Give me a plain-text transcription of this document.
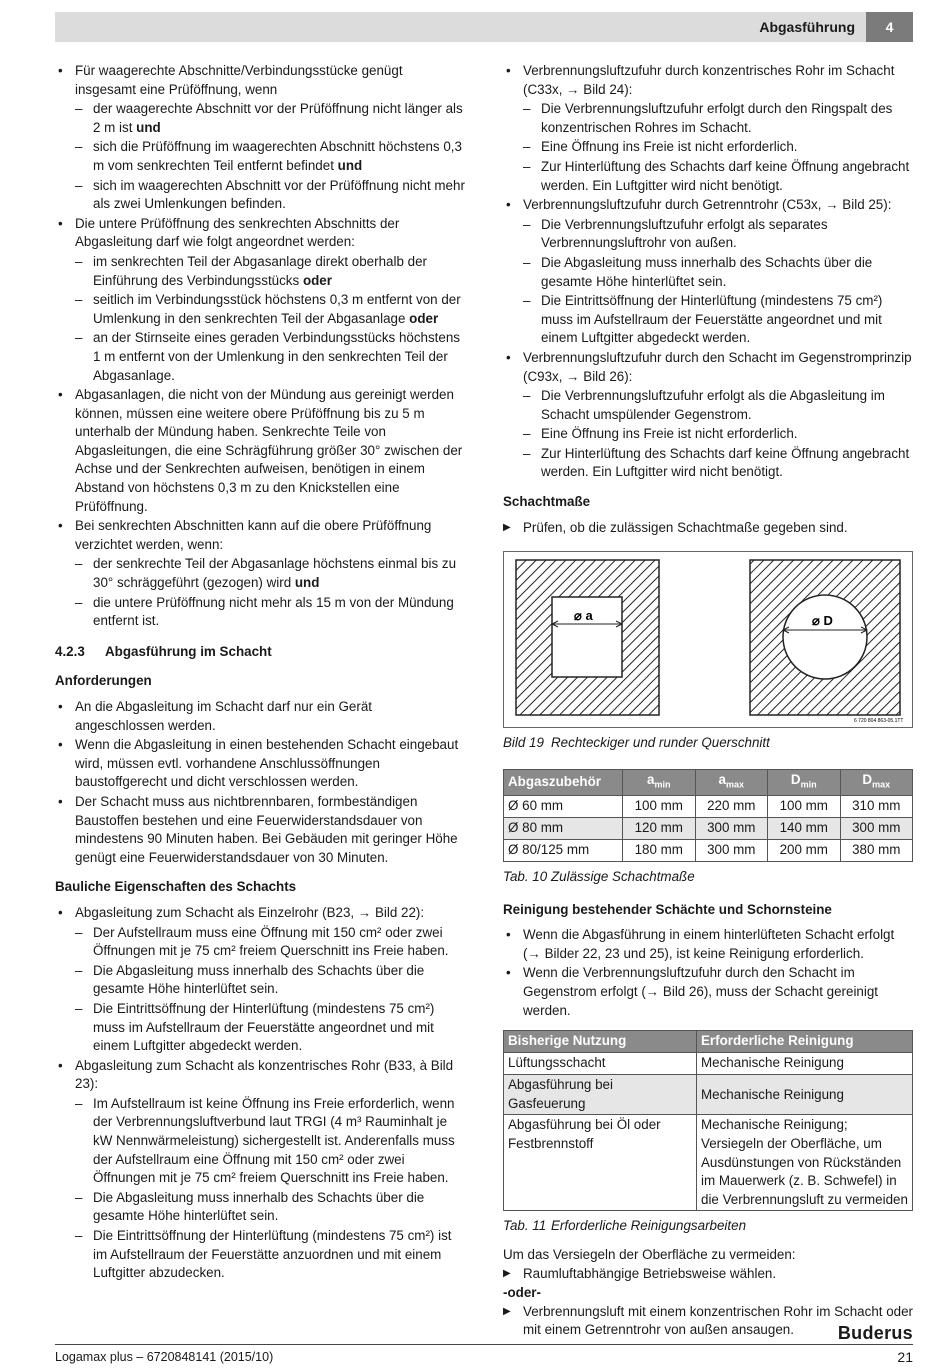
Abgasführung	4
• Für waagerechte Abschnitte/Verbindungsstücke genügt insgesamt eine Prüföffnung, wenn
– der waagerechte Abschnitt vor der Prüföffnung nicht länger als 2 m ist und
– sich die Prüföffnung im waagerechten Abschnitt höchstens 0,3 m vom senkrechten Teil entfernt befindet und
– sich im waagerechten Abschnitt vor der Prüföffnung nicht mehr als zwei Umlenkungen befinden.
• Die untere Prüföffnung des senkrechten Abschnitts der Abgasleitung darf wie folgt angeordnet werden:
– im senkrechten Teil der Abgasanlage direkt oberhalb der Einführung des Verbindungsstücks oder
– seitlich im Verbindungsstück höchstens 0,3 m entfernt von der Umlenkung in den senkrechten Teil der Abgasanlage oder
– an der Stirnseite eines geraden Verbindungsstücks höchstens 1 m entfernt von der Umlenkung in den senkrechten Teil der Abgasanlage.
• Abgasanlagen, die nicht von der Mündung aus gereinigt werden können, müssen eine weitere obere Prüföffnung bis zu 5 m unterhalb der Mündung haben. Senkrechte Teile von Abgasleitungen, die eine Schrägführung größer 30° zwischen der Achse und der Senkrechten aufweisen, benötigen in einem Abstand von höchstens 0,3 m zu den Knickstellen eine Prüföffnung.
• Bei senkrechten Abschnitten kann auf die obere Prüföffnung verzichtet werden, wenn:
– der senkrechte Teil der Abgasanlage höchstens einmal bis zu 30° schräggeführt (gezogen) wird und
– die untere Prüföffnung nicht mehr als 15 m von der Mündung entfernt ist.
4.2.3 Abgasführung im Schacht
Anforderungen
• An die Abgasleitung im Schacht darf nur ein Gerät angeschlossen werden.
• Wenn die Abgasleitung in einen bestehenden Schacht eingebaut wird, müssen evtl. vorhandene Anschlussöffnungen baustoffgerecht und dicht verschlossen werden.
• Der Schacht muss aus nichtbrennbaren, formbeständigen Baustoffen bestehen und eine Feuerwiderstandsdauer von mindestens 90 Minuten haben. Bei Gebäuden mit geringer Höhe genügt eine Feuerwiderstandsdauer von 30 Minuten.
Bauliche Eigenschaften des Schachts
• Abgasleitung zum Schacht als Einzelrohr (B23, → Bild 22):
– Der Aufstellraum muss eine Öffnung mit 150 cm² oder zwei Öffnungen mit je 75 cm² freiem Querschnitt ins Freie haben.
– Die Abgasleitung muss innerhalb des Schachts über die gesamte Höhe hinterlüftet sein.
– Die Eintrittsöffnung der Hinterlüftung (mindestens 75 cm²) muss im Aufstellraum der Feuerstätte angeordnet und mit einem Luftgitter abgedeckt werden.
• Abgasleitung zum Schacht als konzentrisches Rohr (B33, à Bild 23):
– Im Aufstellraum ist keine Öffnung ins Freie erforderlich, wenn der Verbrennungsluftverbund laut TRGI (4 m³ Rauminhalt je kW Nennwärmeleistung) sichergestellt ist. Anderenfalls muss der Aufstellraum eine Öffnung mit 150 cm² oder zwei Öffnungen mit je 75 cm² freiem Querschnitt ins Freie haben.
– Die Abgasleitung muss innerhalb des Schachts über die gesamte Höhe hinterlüftet sein.
– Die Eintrittsöffnung der Hinterlüftung (mindestens 75 cm²) ist im Aufstellraum der Feuerstätte anzuordnen und mit einem Luftgitter abzudecken.
• Verbrennungsluftzufuhr durch konzentrisches Rohr im Schacht (C33x, → Bild 24):
– Die Verbrennungsluftzufuhr erfolgt durch den Ringspalt des konzentrischen Rohres im Schacht.
– Eine Öffnung ins Freie ist nicht erforderlich.
– Zur Hinterlüftung des Schachts darf keine Öffnung angebracht werden. Ein Luftgitter wird nicht benötigt.
• Verbrennungsluftzufuhr durch Getrenntrohr (C53x, → Bild 25):
– Die Verbrennungsluftzufuhr erfolgt als separates Verbrennungsluftrohr von außen.
– Die Abgasleitung muss innerhalb des Schachts über die gesamte Höhe hinterlüftet sein.
– Die Eintrittsöffnung der Hinterlüftung (mindestens 75 cm²) muss im Aufstellraum der Feuerstätte angeordnet und mit einem Luftgitter abgedeckt werden.
• Verbrennungsluftzufuhr durch den Schacht im Gegenstromprinzip (C93x, → Bild 26):
– Die Verbrennungsluftzufuhr erfolgt als die Abgasleitung im Schacht umspülender Gegenstrom.
– Eine Öffnung ins Freie ist nicht erforderlich.
– Zur Hinterlüftung des Schachts darf keine Öffnung angebracht werden. Ein Luftgitter wird nicht benötigt.
Schachtmaße
▶ Prüfen, ob die zulässigen Schachtmaße gegeben sind.
⌀ a	⌀ D
6 720 804 863-05.1TT
Bild 19 Rechteckiger und runder Querschnitt
Abgaszubehör	$a_{min}$	$a_{max}$	$D_{min}$	$D_{max}$
Ø 60 mm	100 mm	220 mm	100 mm	310 mm
Ø 80 mm	120 mm	300 mm	140 mm	300 mm
Ø 80/125 mm	180 mm	300 mm	200 mm	380 mm
Tab. 10 Zulässige Schachtmaße
Reinigung bestehender Schächte und Schornsteine
• Wenn die Abgasführung in einem hinterlüfteten Schacht erfolgt (→ Bilder 22, 23 und 25), ist keine Reinigung erforderlich.
• Wenn die Verbrennungsluftzufuhr durch den Schacht im Gegenstrom erfolgt (→ Bild 26), muss der Schacht gereinigt werden.
Bisherige Nutzung	Erforderliche Reinigung
Lüftungsschacht	Mechanische Reinigung
Abgasführung bei Gasfeuerung	Mechanische Reinigung
Abgasführung bei Öl oder Festbrennstoff	Mechanische Reinigung; Versiegeln der Oberfläche, um Ausdünstungen von Rückständen im Mauerwerk (z. B. Schwefel) in die Verbrennungsluft zu vermeiden
Tab. 11 Erforderliche Reinigungsarbeiten
Um das Versiegeln der Oberfläche zu vermeiden:
▶ Raumluftabhängige Betriebsweise wählen.
-oder-
▶ Verbrennungsluft mit einem konzentrischen Rohr im Schacht oder mit einem Getrenntrohr von außen ansaugen.	Buderus
Logamax plus – 6720848141 (2015/10)	21
